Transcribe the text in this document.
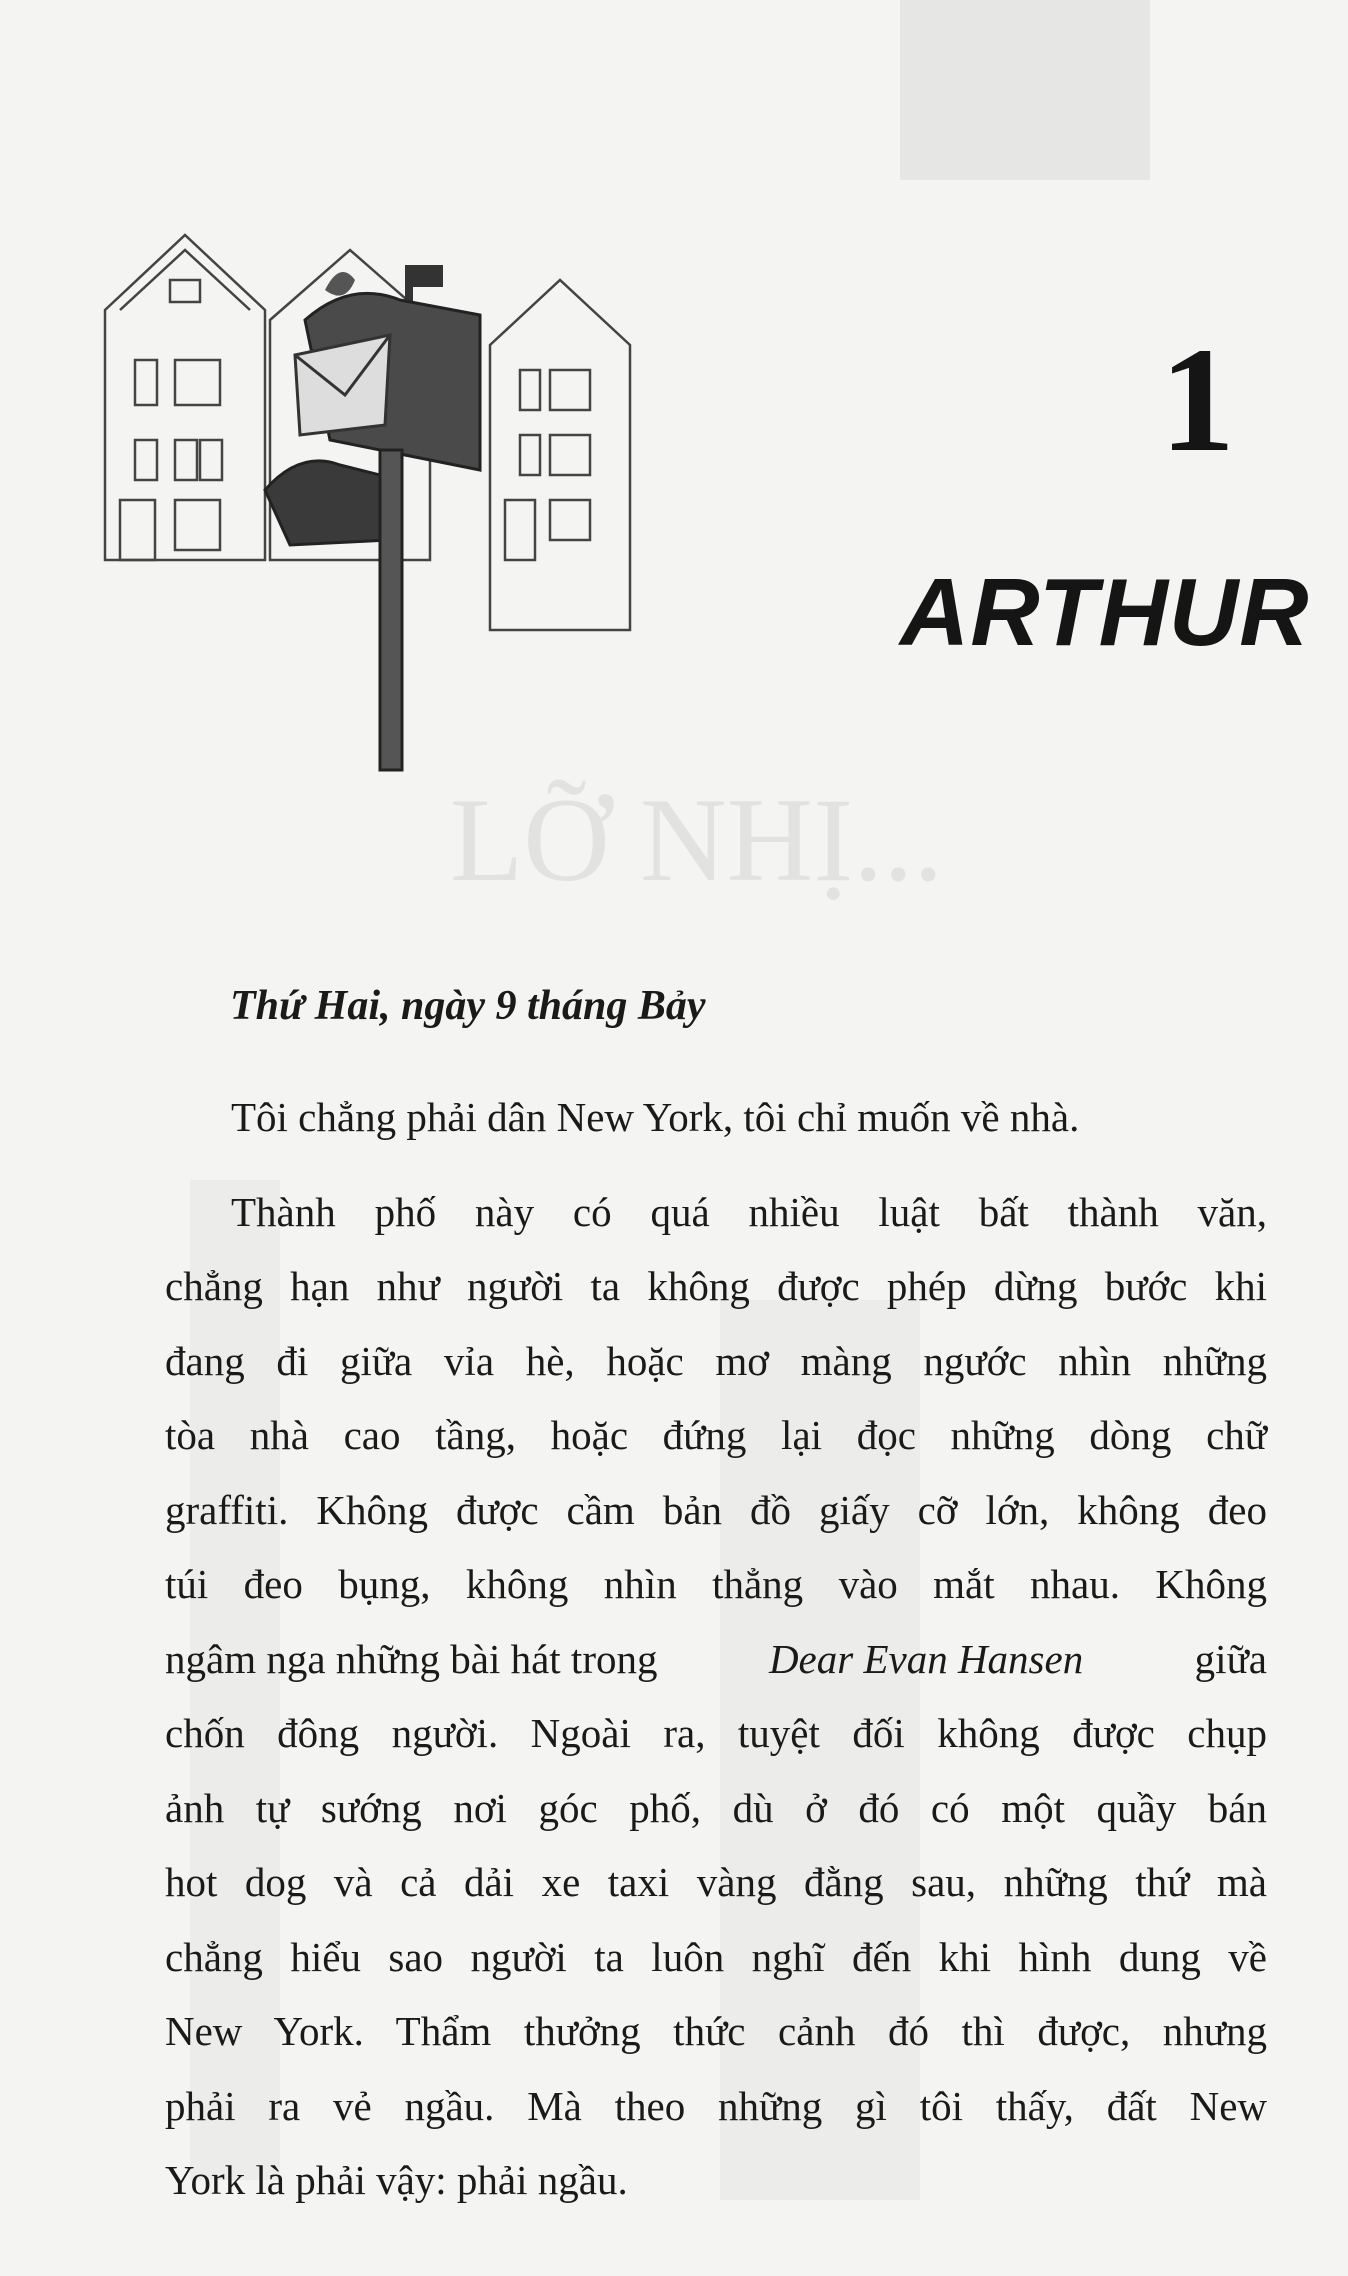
LỠ NHỊ...
1
ARTHUR
Thứ Hai, ngày 9 tháng Bảy
Tôi chẳng phải dân New York, tôi chỉ muốn về nhà.
Thành phố này có quá nhiều luật bất thành văn,
chẳng hạn như người ta không được phép dừng bước khi
đang đi giữa vỉa hè, hoặc mơ màng ngước nhìn những
tòa nhà cao tầng, hoặc đứng lại đọc những dòng chữ
graffiti. Không được cầm bản đồ giấy cỡ lớn, không đeo
túi đeo bụng, không nhìn thẳng vào mắt nhau. Không
ngâm nga những bài hát trong Dear Evan Hansen giữa
chốn đông người. Ngoài ra, tuyệt đối không được chụp
ảnh tự sướng nơi góc phố, dù ở đó có một quầy bán
hot dog và cả dải xe taxi vàng đằng sau, những thứ mà
chẳng hiểu sao người ta luôn nghĩ đến khi hình dung về
New York. Thẩm thưởng thức cảnh đó thì được, nhưng
phải ra vẻ ngầu. Mà theo những gì tôi thấy, đất New
York là phải vậy: phải ngầu.
